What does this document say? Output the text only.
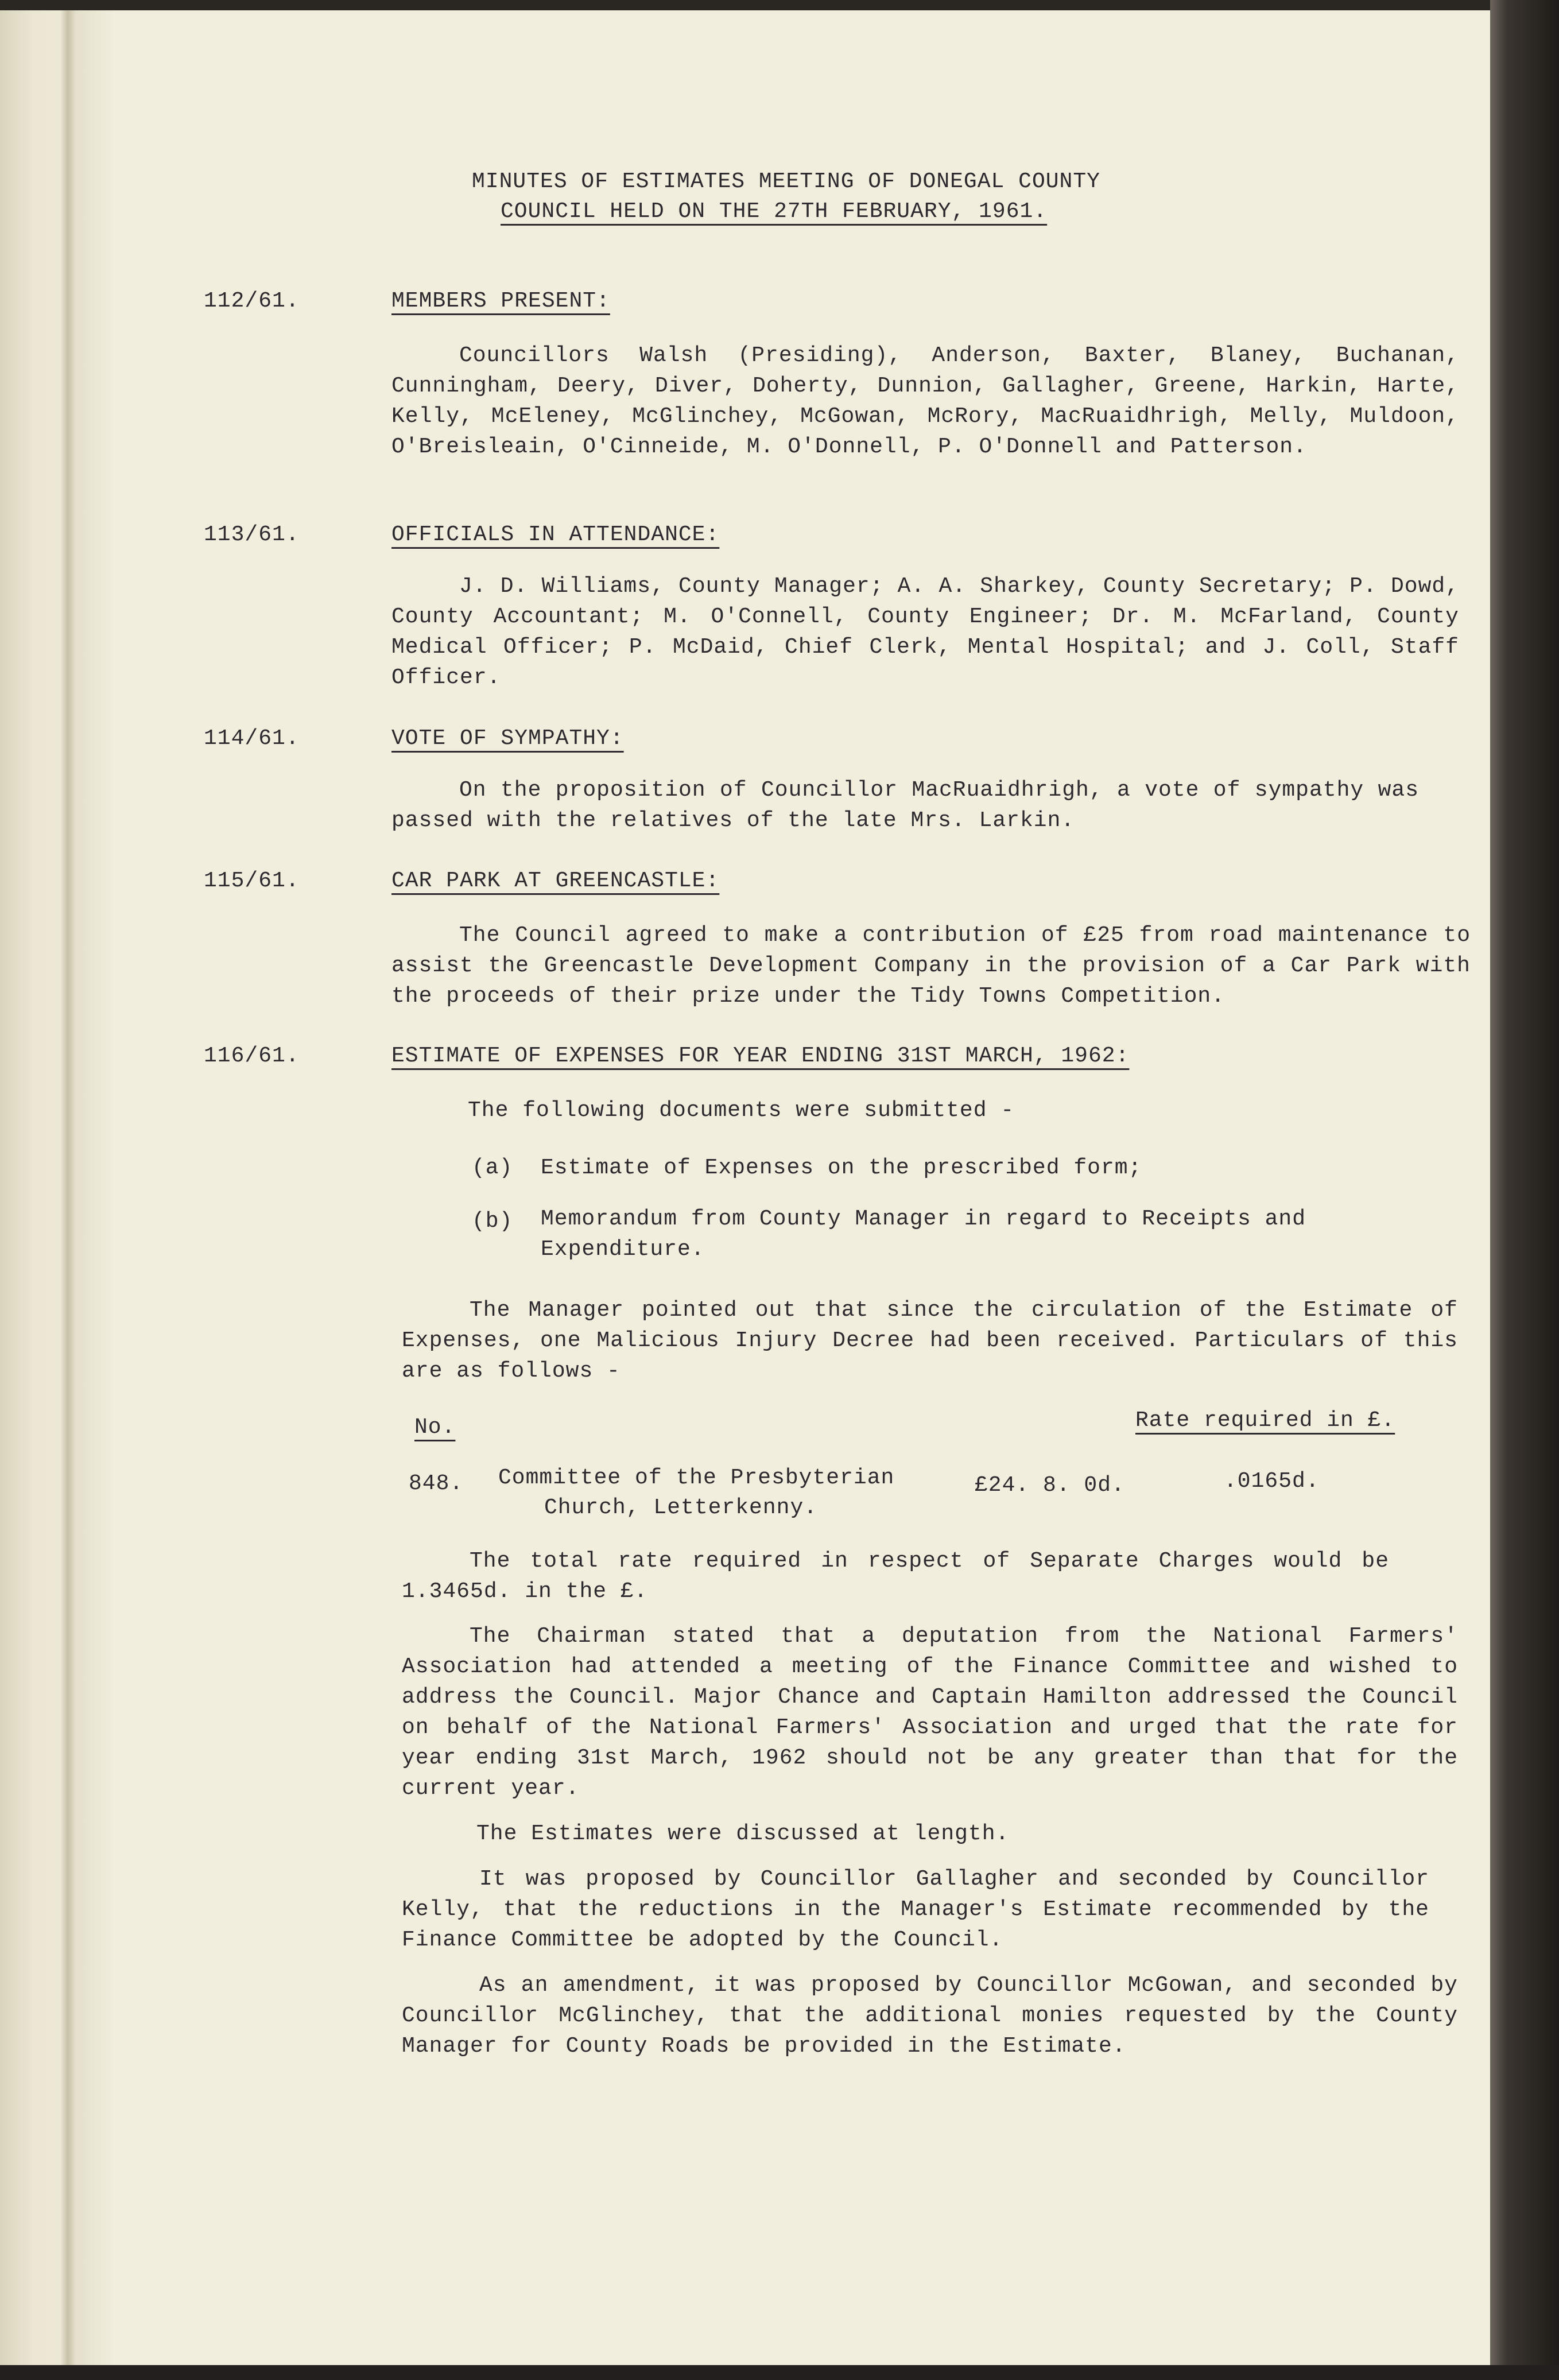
MINUTES OF ESTIMATES MEETING OF DONEGAL COUNTY
COUNCIL HELD ON THE 27TH FEBRUARY, 1961.
112/61.	MEMBERS PRESENT:
Councillors Walsh (Presiding), Anderson, Baxter, Blaney, Buchanan, Cunningham, Deery, Diver, Doherty, Dunnion, Gallagher, Greene, Harkin, Harte, Kelly, McEleney, McGlinchey, McGowan, McRory, MacRuaidhrigh, Melly, Muldoon, O'Breisleain, O'Cinneide, M. O'Donnell, P. O'Donnell and Patterson.
113/61.	OFFICIALS IN ATTENDANCE:
J. D. Williams, County Manager; A. A. Sharkey, County Secretary; P. Dowd, County Accountant; M. O'Connell, County Engineer; Dr. M. McFarland, County Medical Officer; P. McDaid, Chief Clerk, Mental Hospital; and J. Coll, Staff Officer.
114/61.	VOTE OF SYMPATHY:
On the proposition of Councillor MacRuaidhrigh, a vote of sympathy was passed with the relatives of the late Mrs. Larkin.
115/61.	CAR PARK AT GREENCASTLE:
The Council agreed to make a contribution of £25 from road maintenance to assist the Greencastle Development Company in the provision of a Car Park with the proceeds of their prize under the Tidy Towns Competition.
116/61.	ESTIMATE OF EXPENSES FOR YEAR ENDING 31ST MARCH, 1962:
The following documents were submitted -
(a) Estimate of Expenses on the prescribed form;
(b) Memorandum from County Manager in regard to Receipts and Expenditure.
The Manager pointed out that since the circulation of the Estimate of Expenses, one Malicious Injury Decree had been received. Particulars of this are as follows -
No.	Rate required in £.
848. Committee of the Presbyterian
Church, Letterkenny.
£24. 8. 0d.	.0165d.
The total rate required in respect of Separate Charges would be 1.3465d. in the £.
The Chairman stated that a deputation from the National Farmers' Association had attended a meeting of the Finance Committee and wished to address the Council. Major Chance and Captain Hamilton addressed the Council on behalf of the National Farmers' Association and urged that the rate for year ending 31st March, 1962 should not be any greater than that for the current year.
The Estimates were discussed at length.
It was proposed by Councillor Gallagher and seconded by Councillor Kelly, that the reductions in the Manager's Estimate recommended by the Finance Committee be adopted by the Council.
As an amendment, it was proposed by Councillor McGowan, and seconded by Councillor McGlinchey, that the additional monies requested by the County Manager for County Roads be provided in the Estimate.
